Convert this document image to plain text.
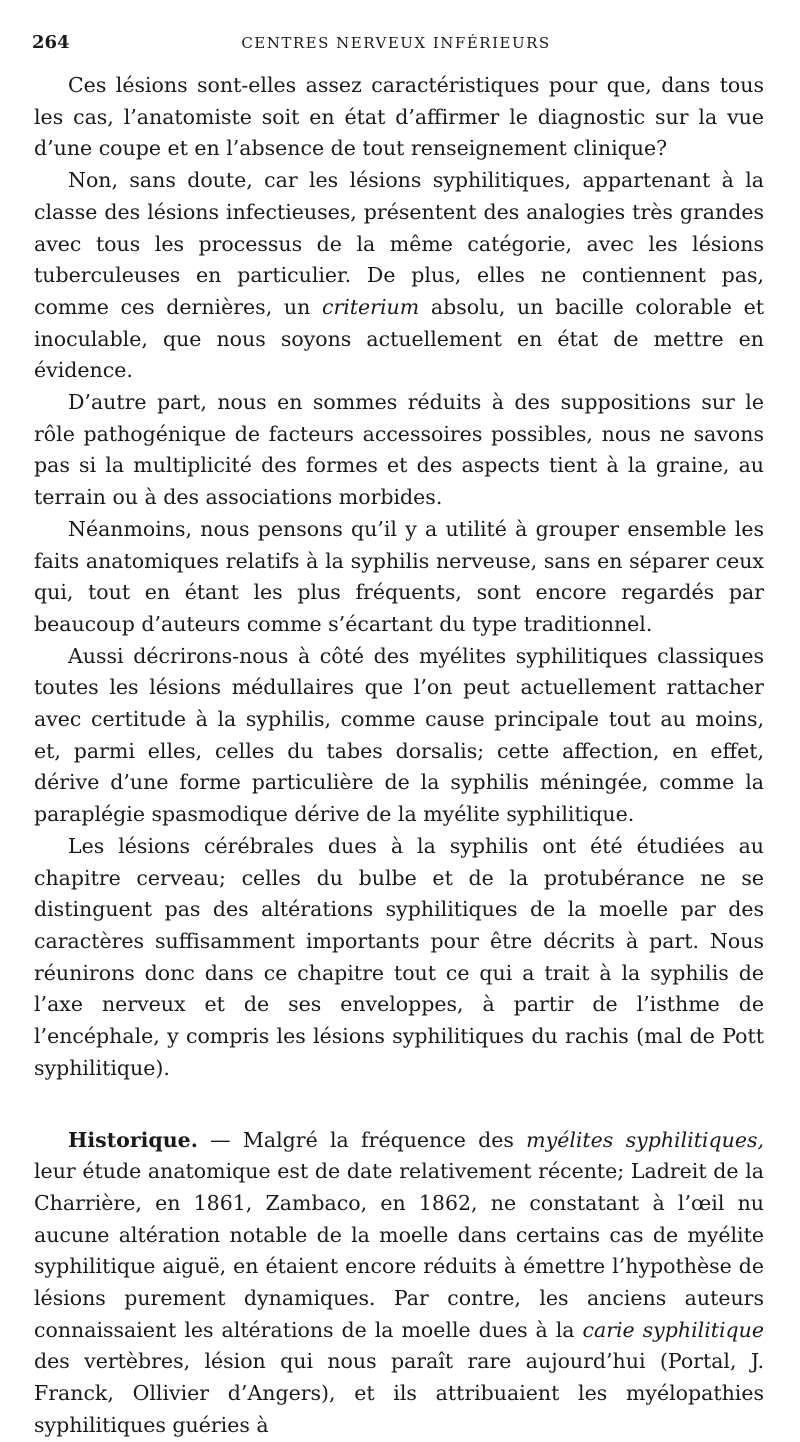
264	CENTRES NERVEUX INFÉRIEURS

Ces lésions sont-elles assez caractéristiques pour que, dans tous les cas, l’anatomiste soit en état d’affirmer le diagnostic sur la vue d’une coupe et en l’absence de tout renseignement clinique?

Non, sans doute, car les lésions syphilitiques, appartenant à la classe des lésions infectieuses, présentent des analogies très grandes avec tous les processus de la même catégorie, avec les lésions tuberculeuses en particulier. De plus, elles ne contiennent pas, comme ces dernières, un criterium absolu, un bacille colorable et inoculable, que nous soyons actuellement en état de mettre en évidence.

D’autre part, nous en sommes réduits à des suppositions sur le rôle pathogénique de facteurs accessoires possibles, nous ne savons pas si la multiplicité des formes et des aspects tient à la graine, au terrain ou à des associations morbides.

Néanmoins, nous pensons qu’il y a utilité à grouper ensemble les faits anatomiques relatifs à la syphilis nerveuse, sans en séparer ceux qui, tout en étant les plus fréquents, sont encore regardés par beaucoup d’auteurs comme s’écartant du type traditionnel.

Aussi décrirons-nous à côté des myélites syphilitiques classiques toutes les lésions médullaires que l’on peut actuellement rattacher avec certitude à la syphilis, comme cause principale tout au moins, et, parmi elles, celles du tabes dorsalis; cette affection, en effet, dérive d’une forme particulière de la syphilis méningée, comme la paraplégie spasmodique dérive de la myélite syphilitique.

Les lésions cérébrales dues à la syphilis ont été étudiées au chapitre cerveau; celles du bulbe et de la protubérance ne se distinguent pas des altérations syphilitiques de la moelle par des caractères suffisamment importants pour être décrits à part. Nous réunirons donc dans ce chapitre tout ce qui a trait à la syphilis de l’axe nerveux et de ses enveloppes, à partir de l’isthme de l’encéphale, y compris les lésions syphilitiques du rachis (mal de Pott syphilitique).

Historique. — Malgré la fréquence des myélites syphilitiques, leur étude anatomique est de date relativement récente; Ladreit de la Charrière, en 1861, Zambaco, en 1862, ne constatant à l’œil nu aucune altération notable de la moelle dans certains cas de myélite syphilitique aiguë, en étaient encore réduits à émettre l’hypothèse de lésions purement dynamiques. Par contre, les anciens auteurs connaissaient les altérations de la moelle dues à la carie syphilitique des vertèbres, lésion qui nous paraît rare aujourd’hui (Portal, J. Franck, Ollivier d’Angers), et ils attribuaient les myélopathies syphilitiques guéries à
